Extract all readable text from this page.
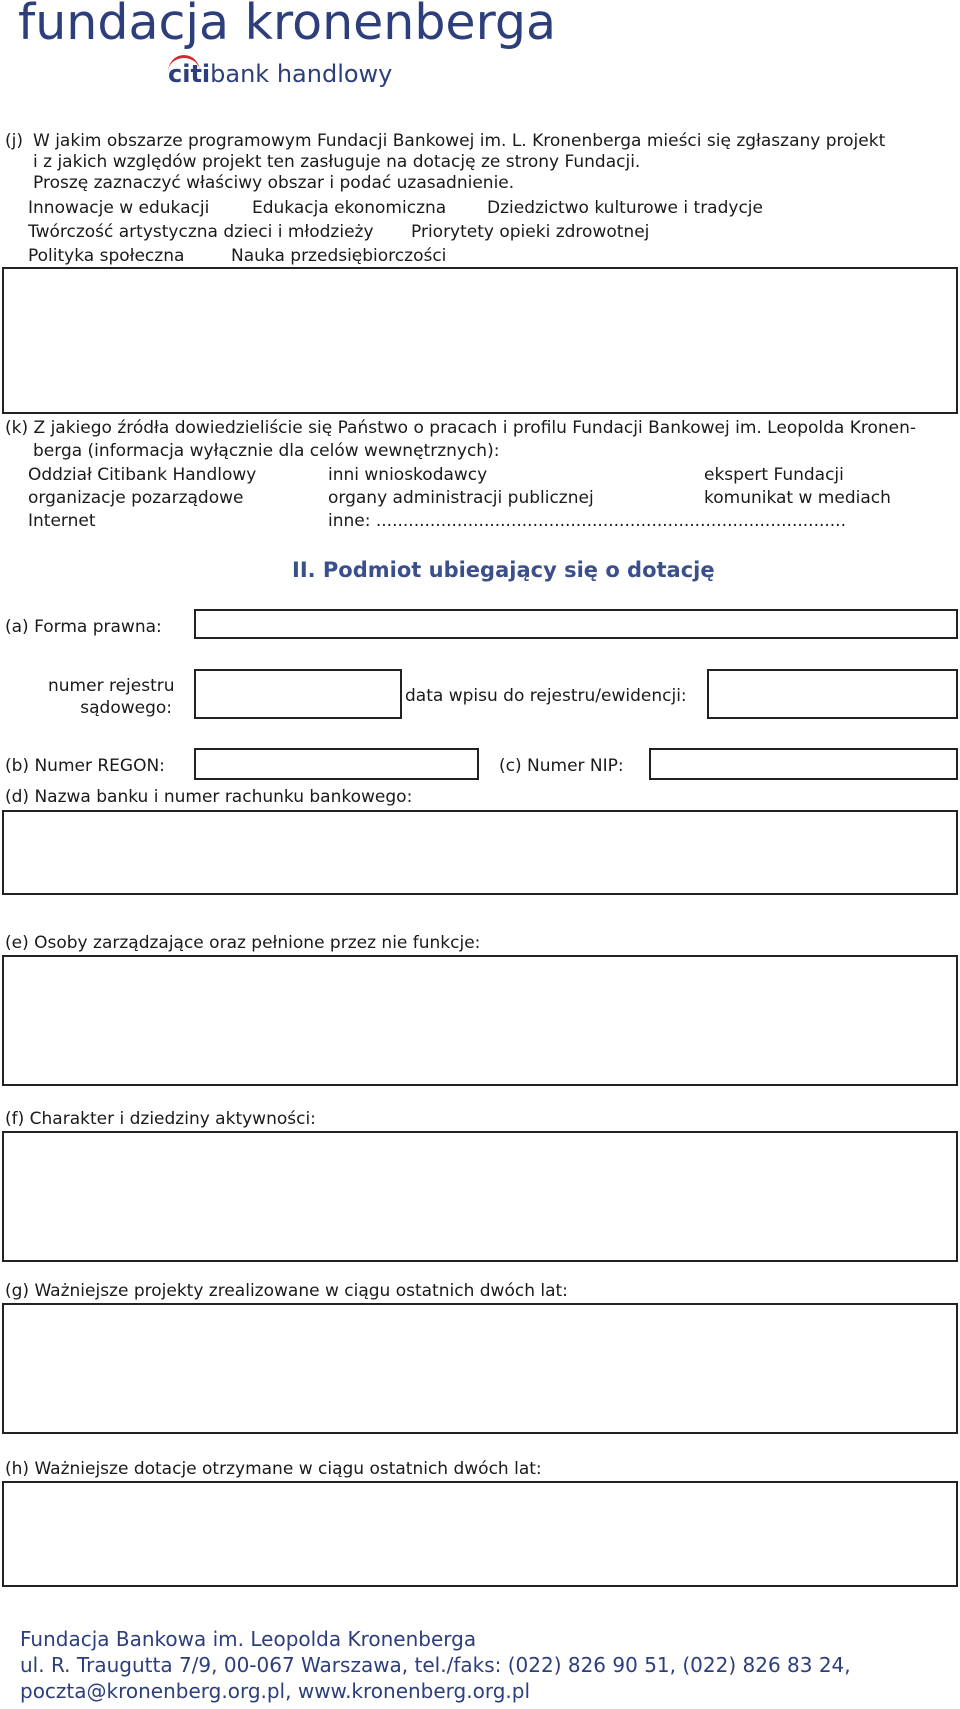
fundacja kronenberga
citibank handlowy
(j) W jakim obszarze programowym Fundacji Bankowej im. L. Kronenberga mieści się zgłaszany projekt
i z jakich względów projekt ten zasługuje na dotację ze strony Fundacji.
Proszę zaznaczyć właściwy obszar i podać uzasadnienie.
Innowacje w edukacji	Edukacja ekonomiczna Dziedzictwo kulturowe i tradycje
Twórczość artystyczna dzieci i młodzieży Priorytety opieki zdrowotnej
Polityka społeczna	Nauka przedsiębiorczości
(k) Z jakiego źródła dowiedzieliście się Państwo o pracach i profilu Fundacji Bankowej im. Leopolda Kronen-
berga (informacja wyłącznie dla celów wewnętrznych):
Oddział Citibank Handlowy	inni wnioskodawcy	ekspert Fundacji
organizacje pozarządowe	organy administracji publicznej	komunikat w mediach
Internet	inne: .......................................................................................
II. Podmiot ubiegający się o dotację
(a) Forma prawna:
numer rejestru
sądowego:
data wpisu do rejestru/ewidencji:
(b) Numer REGON:	(c) Numer NIP:
(d) Nazwa banku i numer rachunku bankowego:
(e) Osoby zarządzające oraz pełnione przez nie funkcje:
(f) Charakter i dziedziny aktywności:
(g) Ważniejsze projekty zrealizowane w ciągu ostatnich dwóch lat:
(h) Ważniejsze dotacje otrzymane w ciągu ostatnich dwóch lat:
Fundacja Bankowa im. Leopolda Kronenberga
ul. R. Traugutta 7/9, 00-067 Warszawa, tel./faks: (022) 826 90 51, (022) 826 83 24,
poczta@kronenberg.org.pl, www.kronenberg.org.pl
